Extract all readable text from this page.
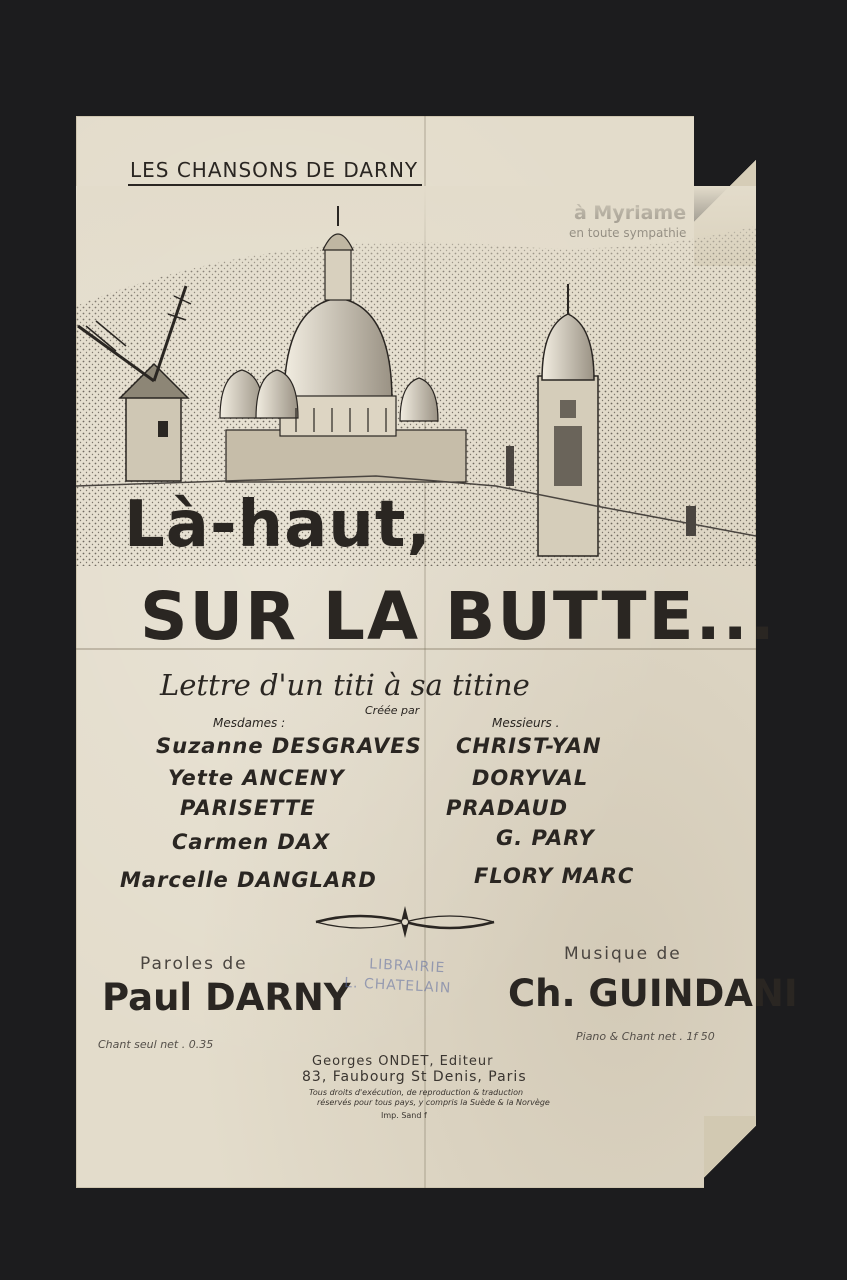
LES CHANSONS DE DARNY

Là-haut,

SUR LA BUTTE...

Lettre d'un titi à sa titine

Créée par

Mesdames :	Messieurs .

Suzanne DESGRAVES

Yette ANCENY

PARISETTE

Carmen DAX

Marcelle DANGLARD

CHRIST-YAN

DORYVAL

PRADAUD

G. PARY

FLORY MARC

Paroles de

Paul DARNY

Chant seul net . 0.35

Musique de

Ch. GUINDANI

Piano & Chant net . 1f 50

LIBRAIRIE
L. CHATELAIN

Georges ONDET, Editeur

83, Faubourg St Denis, Paris

Tous droits d'exécution, de reproduction & traduction

réservés pour tous pays, y compris la Suède & la Norvège

Imp. Sand f
